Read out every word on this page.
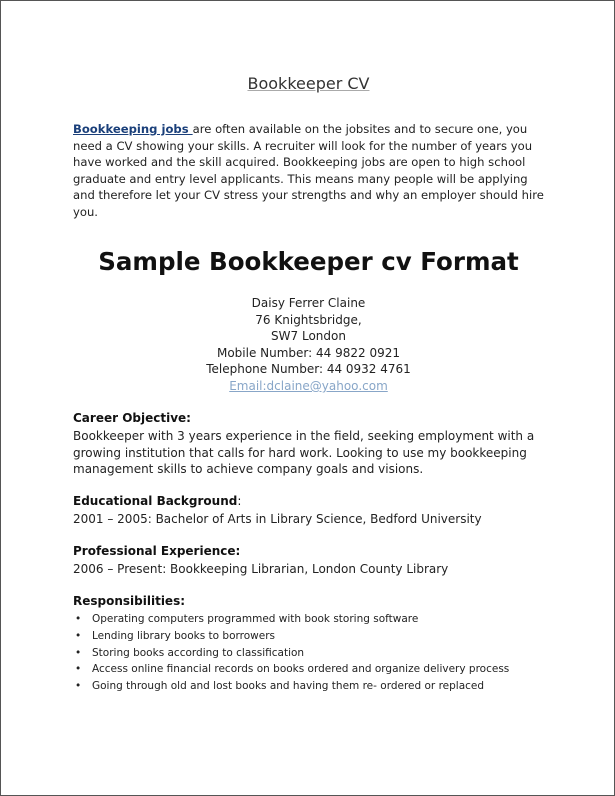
Bookkeeper CV
Bookkeeping jobs are often available on the jobsites and to secure one, you need a CV showing your skills. A recruiter will look for the number of years you have worked and the skill acquired. Bookkeeping jobs are open to high school graduate and entry level applicants. This means many people will be applying and therefore let your CV stress your strengths and why an employer should hire you.
Sample Bookkeeper cv Format
Daisy Ferrer Claine
76 Knightsbridge,
SW7 London
Mobile Number: 44 9822 0921
Telephone Number: 44 0932 4761
Email:dclaine@yahoo.com
Career Objective:
Bookkeeper with 3 years experience in the field, seeking employment with a growing institution that calls for hard work. Looking to use my bookkeeping management skills to achieve company goals and visions.
Educational Background:
2001 – 2005: Bachelor of Arts in Library Science, Bedford University
Professional Experience:
2006 – Present: Bookkeeping Librarian, London County Library
Responsibilities:
• Operating computers programmed with book storing software
• Lending library books to borrowers
• Storing books according to classification
• Access online financial records on books ordered and organize delivery process
• Going through old and lost books and having them re- ordered or replaced
